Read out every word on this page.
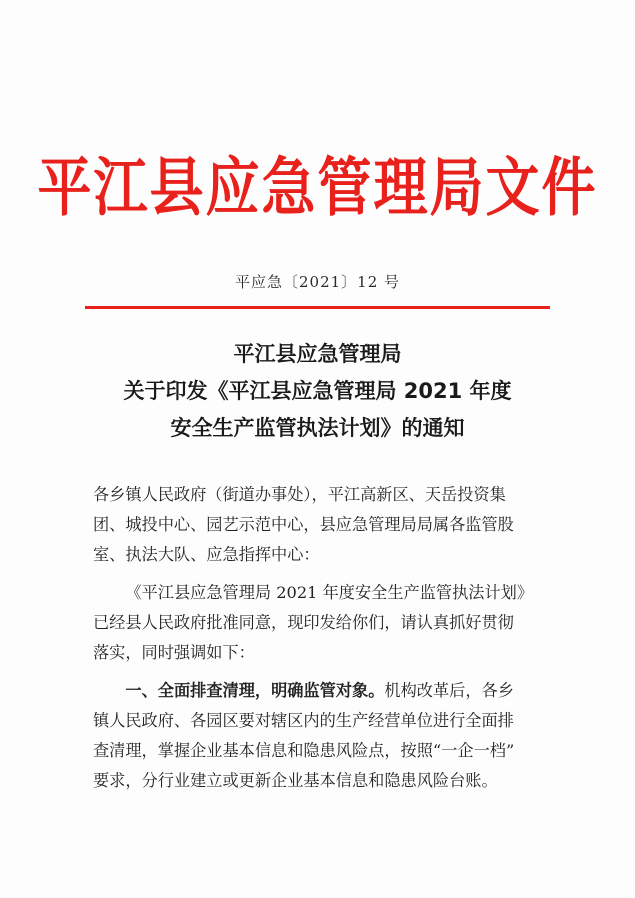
平江县应急管理局文件
平应急〔2021〕12 号
平江县应急管理局
关于印发《平江县应急管理局 2021 年度
安全生产监管执法计划》的通知

各乡镇人民政府（街道办事处），平江高新区、天岳投资集
团、城投中心、园艺示范中心，县应急管理局局属各监管股
室、执法大队、应急指挥中心：

《平江县应急管理局 2021 年度安全生产监管执法计划》
已经县人民政府批准同意，现印发给你们，请认真抓好贯彻
落实，同时强调如下：

一、全面排查清理，明确监管对象。机构改革后，各乡
镇人民政府、各园区要对辖区内的生产经营单位进行全面排
查清理，掌握企业基本信息和隐患风险点，按照“一企一档”
要求，分行业建立或更新企业基本信息和隐患风险台账。
